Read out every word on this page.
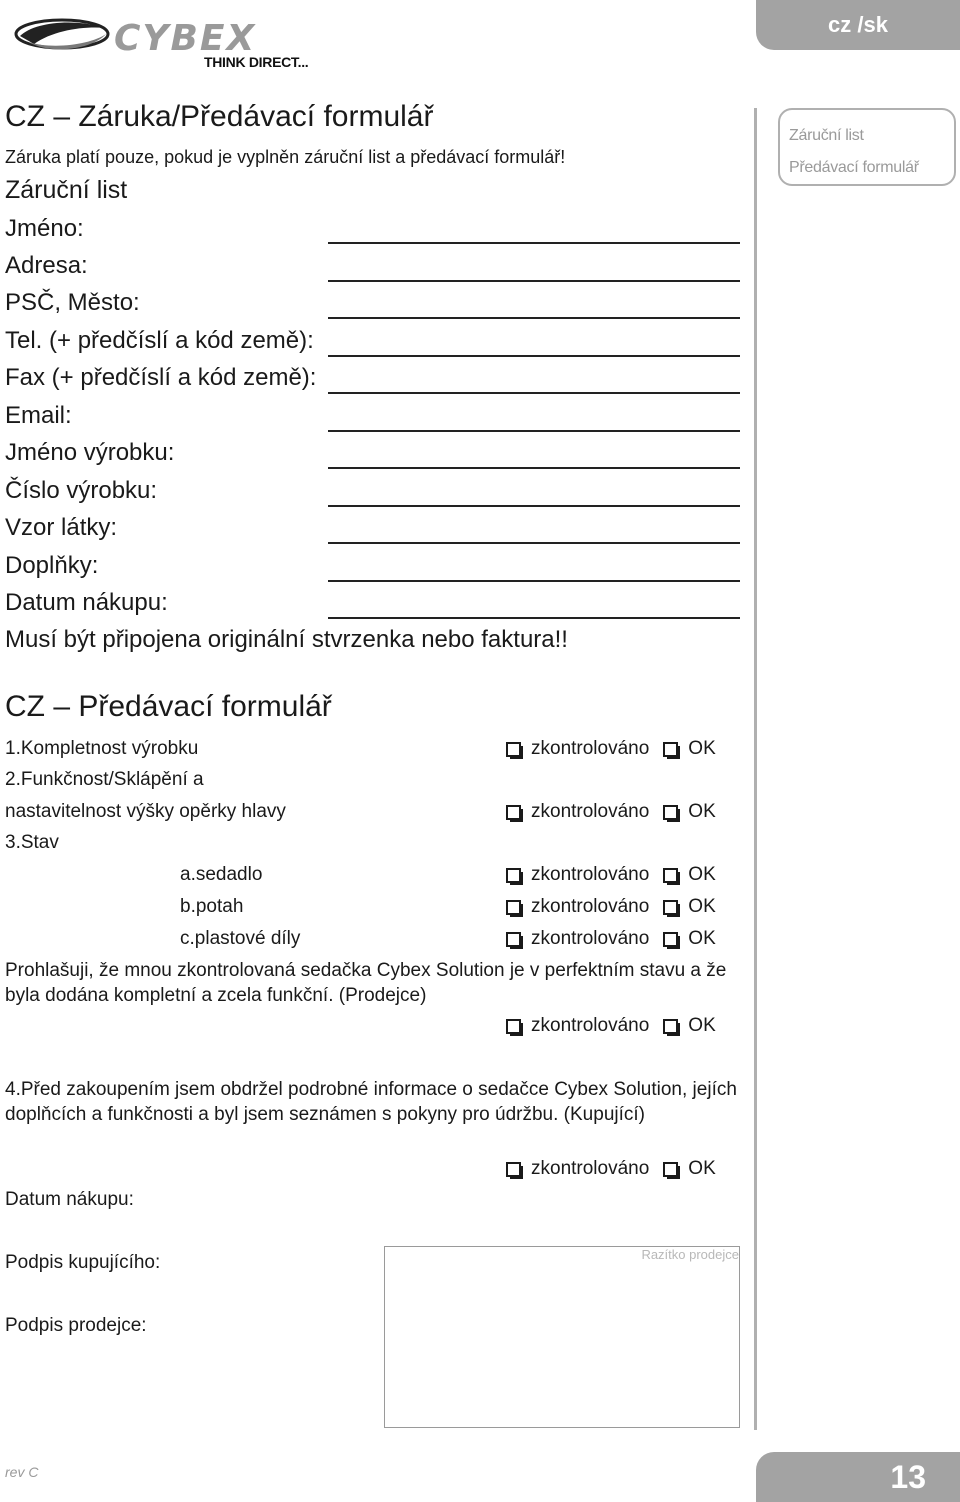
CYBEX
THINK DIRECT...
cz /sk
Záruční list
Předávací formulář
CZ – Záruka/Předávací formulář
Záruka platí pouze, pokud je vyplněn záruční list a předávací formulář!
Záruční list
Jméno:
Adresa:
PSČ, Město:
Tel. (+ předčíslí a kód země):
Fax (+ předčíslí a kód země):
Email:
Jméno výrobku:
Číslo výrobku:
Vzor látky:
Doplňky:
Datum nákupu:
Musí být připojena originální stvrzenka nebo faktura!!
CZ – Předávací formulář
1.Kompletnost výrobku	zkontrolováno OK
2.Funkčnost/Sklápění a
nastavitelnost výšky opěrky hlavy	zkontrolováno OK
3.Stav
a.sedadlo	zkontrolováno OK
b.potah	zkontrolováno OK
c.plastové díly	zkontrolováno OK
Prohlašuji, že mnou zkontrolovaná sedačka Cybex Solution je v perfektním stavu a že byla dodána kompletní a zcela funkční. (Prodejce)
zkontrolováno OK
4.Před zakoupením jsem obdržel podrobné informace o sedačce Cybex Solution, jejích doplňcích a funkčnosti a byl jsem seznámen s pokyny pro údržbu. (Kupující)
zkontrolováno OK
Datum nákupu:
Podpis kupujícího:
Podpis prodejce:
Razítko prodejce
rev C	13
